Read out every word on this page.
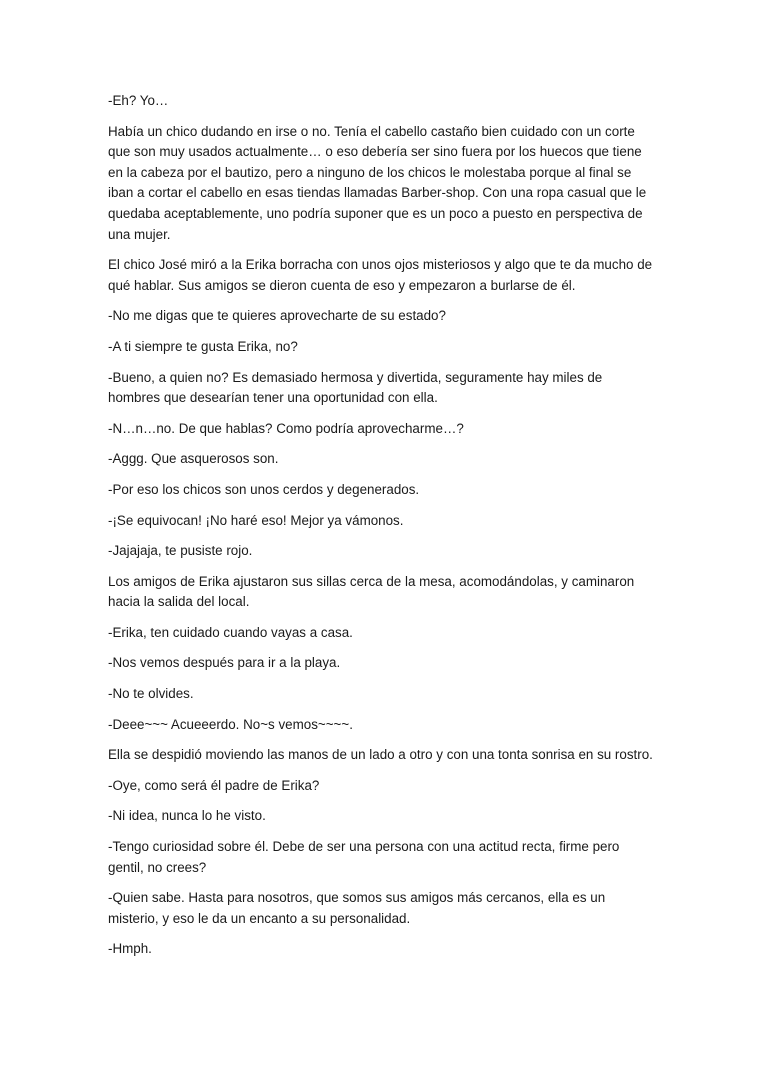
-Eh? Yo…

Había un chico dudando en irse o no. Tenía el cabello castaño bien cuidado con un corte que son muy usados actualmente… o eso debería ser sino fuera por los huecos que tiene en la cabeza por el bautizo, pero a ninguno de los chicos le molestaba porque al final se iban a cortar el cabello en esas tiendas llamadas Barber-shop. Con una ropa casual que le quedaba aceptablemente, uno podría suponer que es un poco a puesto en perspectiva de una mujer.

El chico José miró a la Erika borracha con unos ojos misteriosos y algo que te da mucho de qué hablar. Sus amigos se dieron cuenta de eso y empezaron a burlarse de él.

-No me digas que te quieres aprovecharte de su estado?

-A ti siempre te gusta Erika, no?

-Bueno, a quien no? Es demasiado hermosa y divertida, seguramente hay miles de hombres que desearían tener una oportunidad con ella.

-N…n…no. De que hablas? Como podría aprovecharme…?

-Aggg. Que asquerosos son.

-Por eso los chicos son unos cerdos y degenerados.

-¡Se equivocan! ¡No haré eso! Mejor ya vámonos.

-Jajajaja, te pusiste rojo.

Los amigos de Erika ajustaron sus sillas cerca de la mesa, acomodándolas, y caminaron hacia la salida del local.

-Erika, ten cuidado cuando vayas a casa.

-Nos vemos después para ir a la playa.

-No te olvides.

-Deee~~~ Acueeerdo. No~s vemos~~~~.

Ella se despidió moviendo las manos de un lado a otro y con una tonta sonrisa en su rostro.

-Oye, como será él padre de Erika?

-Ni idea, nunca lo he visto.

-Tengo curiosidad sobre él. Debe de ser una persona con una actitud recta, firme pero gentil, no crees?

-Quien sabe. Hasta para nosotros, que somos sus amigos más cercanos, ella es un misterio, y eso le da un encanto a su personalidad.

-Hmph.
